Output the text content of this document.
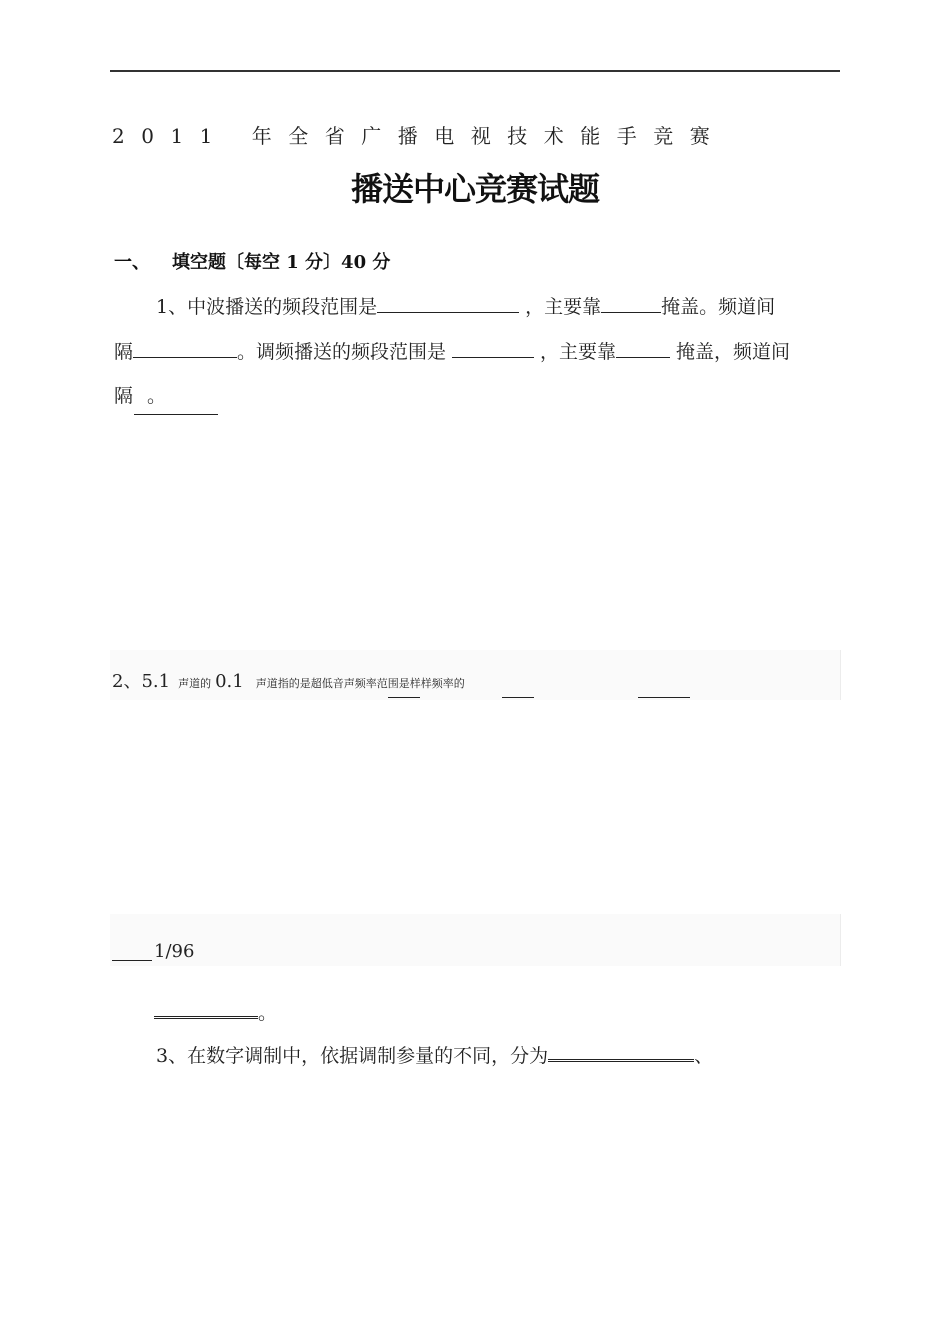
2011 年全省广播电视技术能手竞赛
播送中心竞赛试题
一、 填空题〔每空 1 分〕40 分
1、中波播送的频段范围是	，主要靠	掩盖。频道间
隔	。调频播送的频段范围是	，主要靠	掩盖，频道间
隔 。
2、5.1 声道的 0.1 声道指的是超低音声频率范围是样样频率的
1/96
。
3、在数字调制中，依据调制参量的不同，分为	、
